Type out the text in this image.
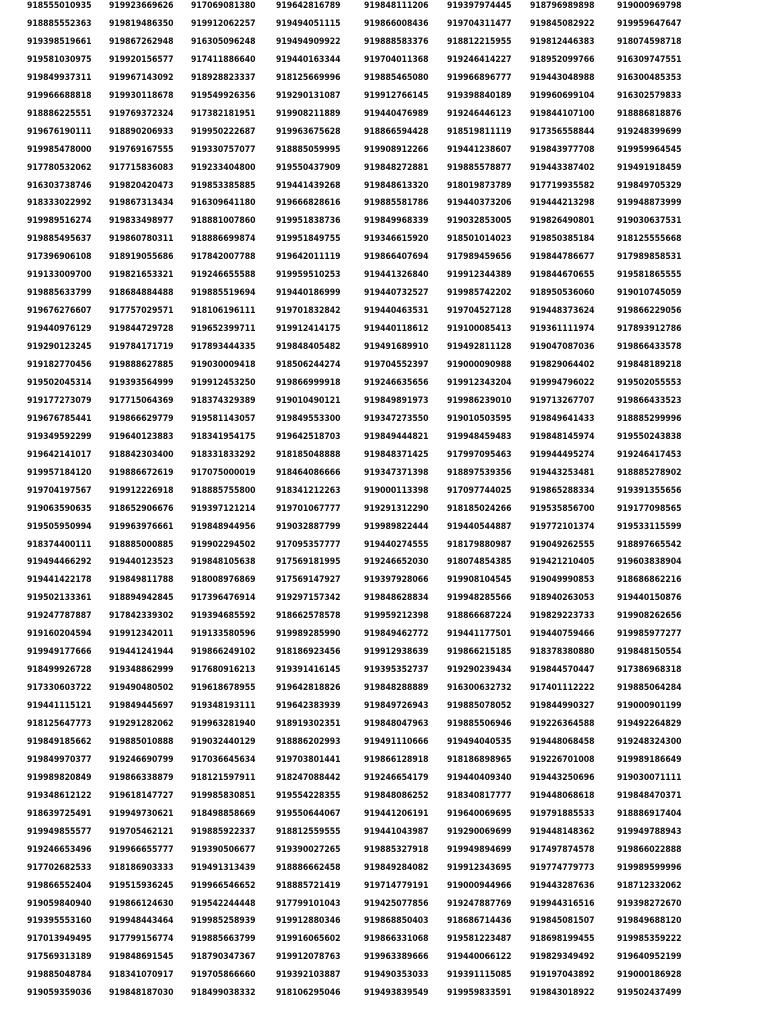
918555010935 919923669626 917069081380 919642816789	919848111206 919397974445 918796989898	919000969798
918885552363 919819486350 919912062257 919494051115	919866008436 919704311477 919845082922	919959647647
919398519661 919867262948 916305096248 919494909922	919888583376 918812215955 919812446383	918074598718
919581030975 919920156577 917411886640 919440163344	919704011368 919246414227 918952099766	916309747551
919849937311 919967143092 918928823337 918125669996	919885465080 919966896777 919443048988	916300485353
919966688818 919930118678 919549926356 919290131087	919912766145 919398840189 919960699104	916302579833
918886225551 919769372324 917382181951 919908211889	919440476989 919246446123 919844107100	918886818876
919676190111 918890206933 919950222687 919963675628	918866594428 918519811119 917356558844	919248399699
919985478000 919769167555 919330757077 918885059995	919908912266 919441238607 919843977708	919959964545
917780532062 917715836083 919233404800 919550437909	919848272881 919885578877 919443387402	919491918459
916303738746 919820420473 919853385885 919441439268	919848613320 918019873789 917719935582	919849705329
918333022992 919867313434 916309641180 919666828616	919885581786 919440373206 919444213298	919948873999
919989516274 919833498977 918881007860 919951838736	919849968339 919032853005 919826490801	919030637531
919885495637 919860780311 918886699874 919951849755	919346615920 918501014023 919850385184	918125555668
917396906108 918919055686 917842007788 919642011119	919866407694 917989459656 919844786677	917989858531
919133009700 919821653321 919246655588 919959510253	919441326840 919912344389 919844670655	919581865555
919885633799 918684884488 919885519694 919440186999	919440732527 919985742202 918950536060	919010745059
919676276607 917757029571 918106196111 919701832842	919440463531 919704527128 919448373624	919866229056
919440976129 919844729728 919652399711 919912414175	919440118612 919100085413 919361111974	917893912786
919290123245 919784171719 917893444335 919848405482	919491689910 919492811128 919047087036	919866433578
919182770456 919888627885 919030009418 918506244274	919704552397 919000090988 919829064402	919848189218
919502045314 919393564999 919912453250 919866999918	919246635656 919912343204 919994796022	919502055553
919177273079 917715064369 918374329389 919010490121	919849891973 919986239010 919713267707	919866433523
919676785441 919866629779 919581143057 919849553300	919347273550 919010503595 919849641433	918885299996
919349592299 919640123883 918341954175 919642518703	919849444821 919948459483 919848145974	919550243838
919642141017 918842303400 918331833292 918185048888	919848371425 917997095463 919944495274	919246417453
919957184120 919886672619 917075000019 918464086666	919347371398 918897539356 919443253481	918885278902
919704197567 919912226918 918885755800 918341212263	919000113398 917097744025 919865288334	919391355656
919063590635 918652906676 919397121214 919701067777	919291312290 918185024266 919535856700	919177098565
919505950994 919963976661 919848944956 919032887799	919989822444 919440544887 919772101374	919533115599
918374400111 918885000885 919902294502 917095357777	919440274555 918179880987 919049262555	918897665542
919494466292 919440123523 919848105638 917569181995	919246652030 918074854385 919421210405	919603838904
919441422178 919849811788 918008976869 917569147927	919397928066 919908104545 919049990853	918686862216
919502133361 918894942845 917396476914 919297157342	919848628834 919948285566 918940263053	919440150876
919247787887 917842339302 919394685592 918662578578	919959212398 918866687224 919829223733	919908262656
919160204594 919912342011 919133580596 919989285990	919849462772 919441177501 919440759466	919985977277
919949177666 919441241944 919866249102 918186923456	919912938639 919866215185 918378380880	919848150554
918499926728 919348862999 917680916213 919391416145	919395352737 919290239434 919844570447	917386968318
917330603722 919490480502 919618678955 919642818826	919848288889 916300632732 917401112222	919885064284
919441115121 919849445697 919348193111 919642383939	919849726943 919885078052 919844990327	919000901199
918125647773 919291282062 919963281940 918919302351	919848047963 919885506946 919226364588	919492264829
919849185662 919885010888 919032440129 918886202993	919491110666 919494040535 919448068458	919248324300
919849970377 919246690799 917036645634 919703801441	919866128918 918186898965 919226701008	919989186649
919989820849 919866338879 918121597911 918247088442	919246654179 919440409340 919443250696	919030071111
919348612122 919618147727 919985830851 919554228355	919848086252 918340817777 919448068618	919848470371
918639725491 919949730621 918498858669 919550644067	919441206191 919640069695 919791885533	918886917404
919949855577 919705462121 919885922337 918812559555	919441043987 919290069699 919448148362	919949788943
919246653496 919966655777 919390506677 919390027265	919885327918 919949894699 917497874578	919866022888
917702682533 918186903333 919491313439 918886662458	919849284082 919912343695 919774779773	919989599996
919866552404 919515936245 919966546652 918885721419	919714779191 919000944966 919443287636	918712332062
919059840940 919866124630 919542244448 917799101043	919425077856 919247887769 919944316516	919398272670
919395553160 919948443464 919985258939 919912880346	919868850403 918686714436 919845081507	919849688120
917013949495 917799156774 919885663799 919916065602	919866331068 919581223487 918698199455	919985359222
917569313189 919848691545 918790347367 919912078763	919963389666 919440066122 919829349492	919640952199
919885048784 918341070917 919705866660 919392103887	919490353033 919391115085 919197043892	919000186928
919059359036 919848187030 918499038332 918106295046	919493839549 919959833591 919843018922	919502437499
